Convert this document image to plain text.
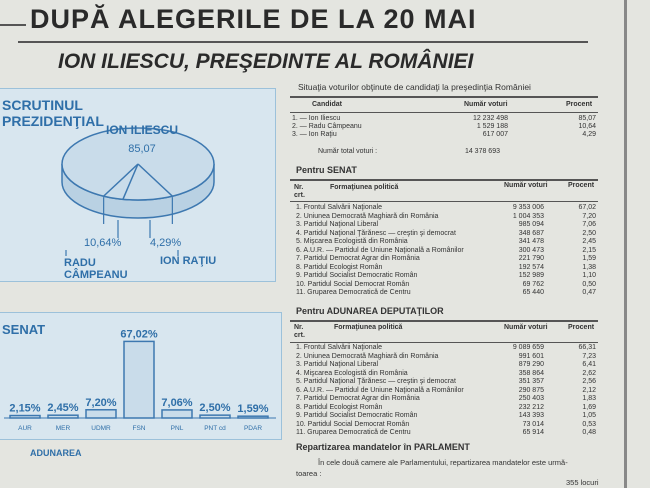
DUPĂ ALEGERILE DE LA 20 MAI
ION ILIESCU, PREŞEDINTE AL ROMÂNIEI
SCRUTINUL
PREZIDENŢIAL
ION ILIESCU
85,07
10,64%	4,29%
RADU
CÂMPEANU
ION RAŢIU
SENAT
2,15%
AUR
2,45%
MER
7,20%
UDMR
67,02%
FSN
7,06%
PNL
2,50%
PNT cd
1,59%
PDAR
ADUNAREA
Situaţia voturilor obţinute de candidaţi la preşedinţia României
Candidat	Număr voturi	Procent
1. — Ion Iliescu	12 232 498	85,07
2. — Radu Câmpeanu	1 529 188	10,64
3. — Ion Raţiu	617 007	4,29
Număr total voturi :	14 378 693
Pentru SENAT
Nr.
crt.
Formaţiunea politică	Număr voturi	Procent
1. Frontul Salvării Naţionale	9 353 006	67,02
2. Uniunea Democrată Maghiară din România	1 004 353	7,20
3. Partidul Naţional Liberal	985 094	7,06
4. Partidul Naţional Ţărănesc — creştin şi democrat	348 687	2,50
5. Mişcarea Ecologistă din România	341 478	2,45
6. A.U.R. — Partidul de Uniune Naţională a Românilor	300 473	2,15
7. Partidul Democrat Agrar din România	221 790	1,59
8. Partidul Ecologist Român	192 574	1,38
9. Partidul Socialist Democratic Român	152 989	1,10
10. Partidul Social Democrat Român	69 762	0,50
11. Gruparea Democratică de Centru	65 440	0,47
Pentru ADUNAREA DEPUTAŢILOR
Nr.
crt.
Formaţiunea politică	Număr voturi	Procent
1. Frontul Salvării Naţionale	9 089 659	66,31
2. Uniunea Democrată Maghiară din România	991 601	7,23
3. Partidul Naţional Liberal	879 290	6,41
4. Mişcarea Ecologistă din România	358 864	2,62
5. Partidul Naţional Ţărănesc — creştin şi democrat	351 357	2,56
6. A.U.R. — Partidul de Uniune Naţională a Românilor	290 875	2,12
7. Partidul Democrat Agrar din România	250 403	1,83
8. Partidul Ecologist Român	232 212	1,69
9. Partidul Socialist Democratic Român	143 393	1,05
10. Partidul Social Democrat Român	73 014	0,53
11. Gruparea Democratică de Centru	65 914	0,48
Repartizarea mandatelor în PARLAMENT
În cele două camere ale Parlamentului, repartizarea mandatelor este urmă-
toarea :
355 locuri
